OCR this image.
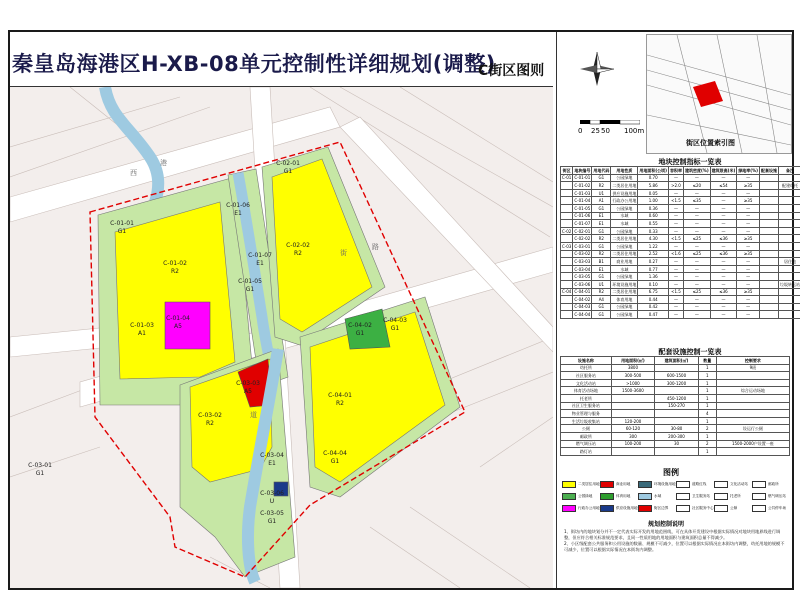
秦皇岛海港区H-XB-08单元控制性详细规划(调整)
C街区图则
C-01-01
G1
C-01-02
R2
C-01-03
A1
C-01-04
A5
C-01-05
G1
C-01-06
E1
C-01-07
E1
C-02-01
G1
C-02-02
R2
C-03-01
G1
C-03-02
R2
C-03-03
A5
C-03-04
E1
C-03-05
G1
C-03-06
U
C-04-01
R2
C-04-02
G1
C-04-03
G1
C-04-04
G1
西
港
街
路
道
0 25 50 100m
街区位置索引图
地块控制指标一览表
街区	地块编号	用地代码	用地性质	用地面积(公顷)	容积率	建筑密度(%)	建筑限高(米)	绿地率(%)	配套设施	备注
C-01	C-01-01	G1	公园绿地	0.70	—	—	—	—		
	C-01-02	R2	二类居住用地	5.86	>2.0	≤20	≤54	≥35		配建幼托
	C-01-03	U1	供应设施用地	0.05	—	—	—	—		
	C-01-04	A1	行政办公用地	1.00	<1.5	≤35	—	≥35		
	C-01-05	G1	公园绿地	0.36	—	—	—	—		
	C-01-06	E1	水域	0.60	—	—	—	—		
	C-01-07	E1	水域	0.55	—	—	—	—		
C-02	C-02-01	G1	公园绿地	0.33	—	—	—	—		
	C-02-02	R2	二类居住用地	4.30	<1.5	≤25	≤36	≥35		
C-03	C-03-01	G1	公园绿地	1.22	—	—	—	—		
	C-03-02	R2	二类居住用地	2.52	<1.6	≤25	≤36	≥35		
	C-03-03	B1	商业用地	0.27	—	—	—	—		居住地
	C-03-04	E1	水域	0.77	—	—	—	—		
	C-03-05	G1	公园绿地	1.36	—	—	—	—		
	C-03-06	U1	环境设施用地	0.10	—	—	—	—		垃圾转运站
C-04	C-04-01	R2	二类居住用地	6.75	<1.5	≤25	≤36	≥35		
	C-04-02	A4	体育用地	0.44	—	—	—	—		
	C-04-03	G1	公园绿地	0.42	—	—	—	—		
	C-04-04	G1	公园绿地	0.47	—	—	—	—		
配套设施控制一览表
设施名称	用地面积(㎡)	建筑面积(㎡)	数量	控制要求
幼托所	3800		1	9班
社区服务站	300-500	600-1500	1	
文化活动站	>1000	300-1200	1	
体育活动场地	1500-3600		1	综合运动场地
托老所		450-1200	1	
社区卫生服务站		150-270	1	
物业管理与服务			4	
生活垃圾收集站	120-200		1	
公厕	60-120	30-80	2	设运行公厕
邮政所	300	200-300	1	
燃气调压站	100-200	30	2	1500-2000户设置一座
路灯站			1	
图例
二类居住用地
公园绿地
行政办公用地
商业用地
体育用地
供应设施用地
环境设施用地
水域
街区边界
道路红线
卫生服务站
社区服务中心
文化活动站
托老所
公厕
邮政所
燃气调压站
公共停车场
规划控制说明
1、街坊内的地块划分并不一定代表实际开发的用地范围线，可在具体开发建设中根据实际情况对地块用地界线进行调整，但应符合相关标准规范要求，且同一性质用地的用地面积与建筑面积总量不得减少。
2、小区级配套公共服务和公用设施的数量、规模不可减少，位置可以根据实际情况在本街坊内调整，幼托用地的规模不可减少，位置可以根据实际情况在本街坊内调整。
